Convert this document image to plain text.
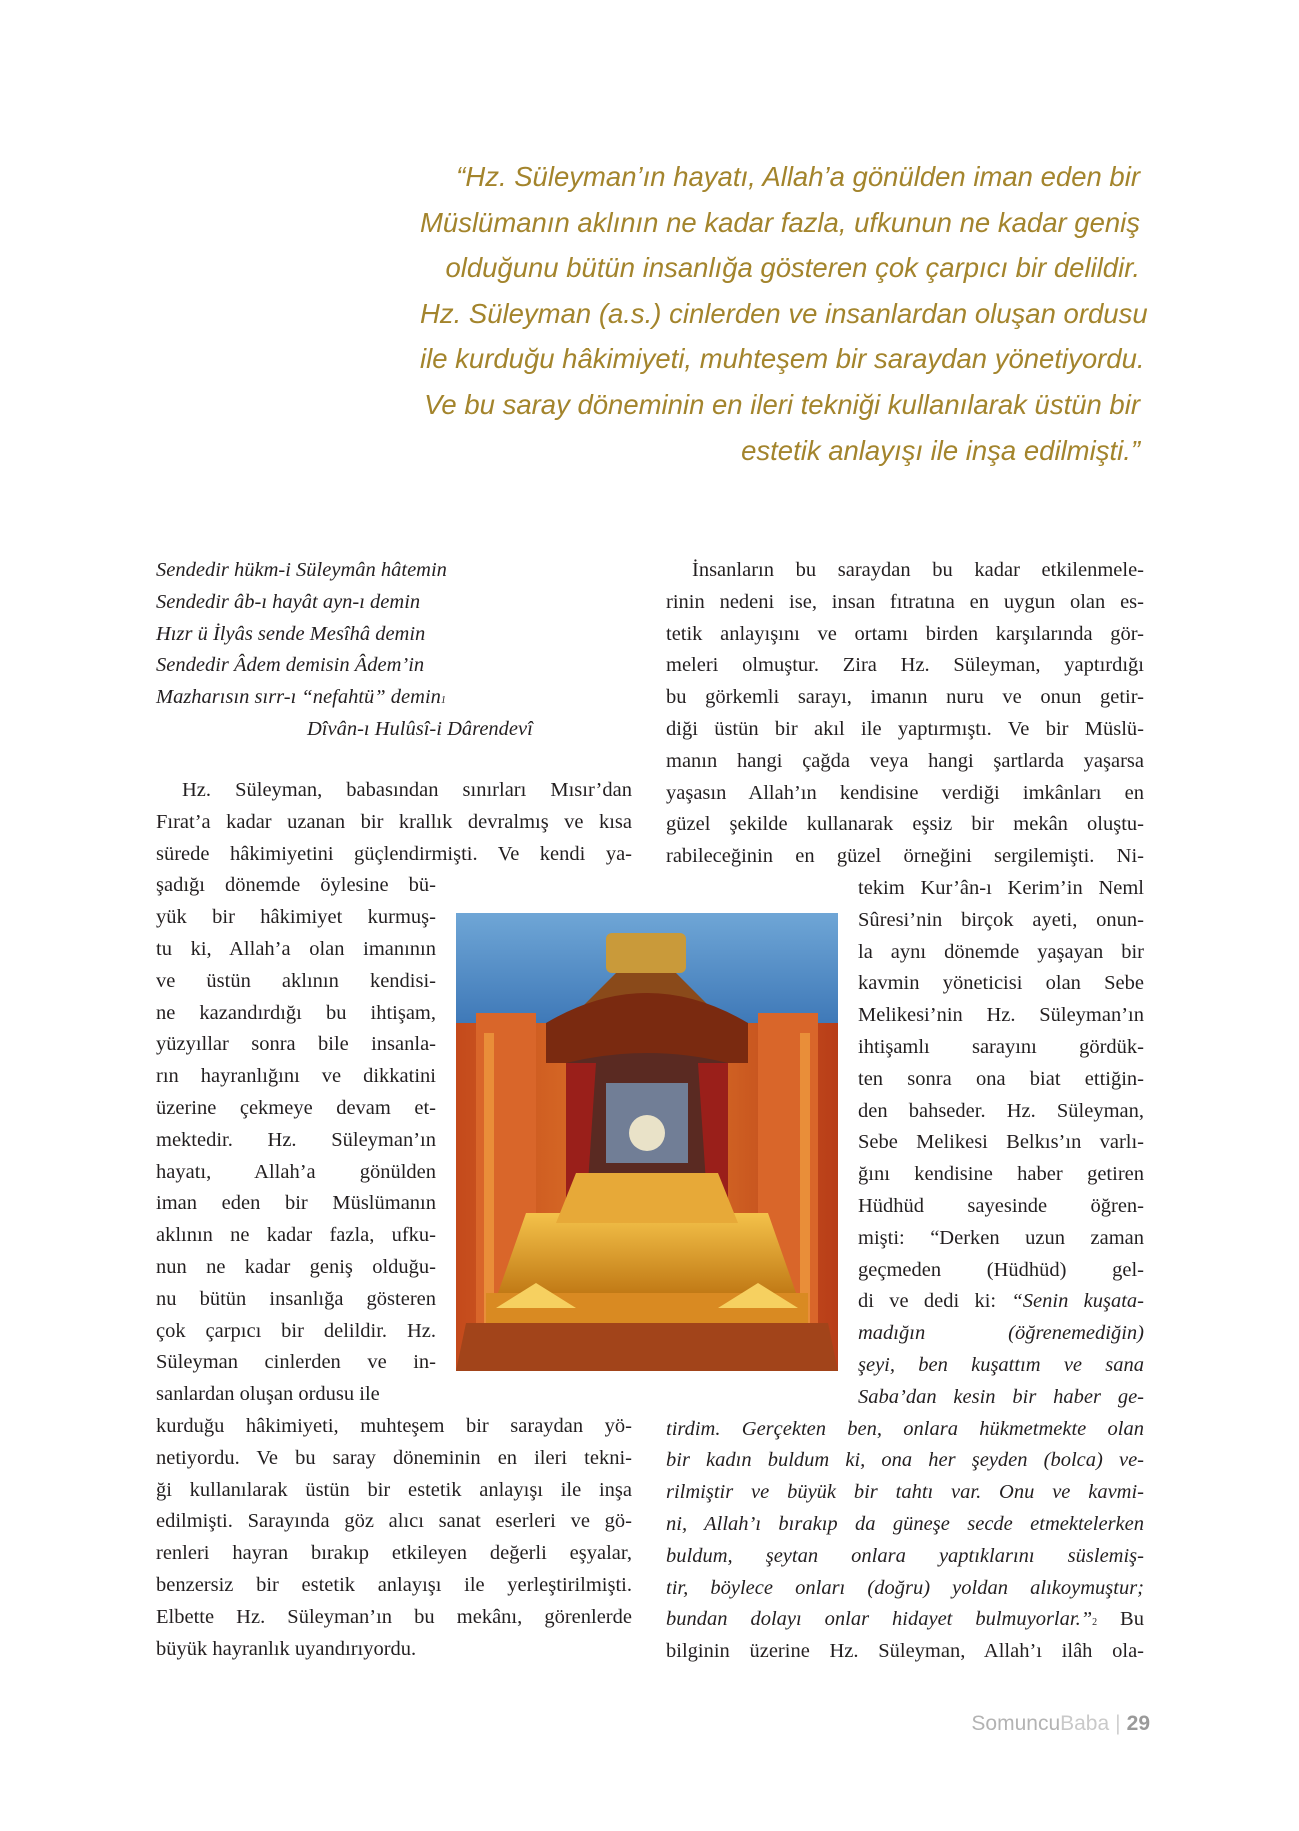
“Hz. Süleyman’ın hayatı, Allah’a gönülden iman eden bir
Müslümanın aklının ne kadar fazla, ufkunun ne kadar geniş
olduğunu bütün insanlığa gösteren çok çarpıcı bir delildir.
Hz. Süleyman (a.s.) cinlerden ve insanlardan oluşan ordusu
ile kurduğu hâkimiyeti, muhteşem bir saraydan yönetiyordu.
Ve bu saray döneminin en ileri tekniği kullanılarak üstün bir
estetik anlayışı ile inşa edilmişti.”
Sendedir hükm-i Süleymân hâtemin
Sendedir âb-ı hayât ayn-ı demin
Hızr ü İlyâs sende Mesîhâ demin
Sendedir Âdem demisin Âdem’in
Mazharısın sırr-ı “nefahtü” demin$^1$
Dîvân-ı Hulûsî-i Dârendevî
Hz. Süleyman, babasından sınırları Mısır’dan
Fırat’a kadar uzanan bir krallık devralmış ve kısa
sürede hâkimiyetini güçlendirmişti. Ve kendi ya-
şadığı dönemde öylesine bü-
yük bir hâkimiyet kurmuş-
tu ki, Allah’a olan imanının
ve üstün aklının kendisi-
ne kazandırdığı bu ihtişam,
yüzyıllar sonra bile insanla-
rın hayranlığını ve dikkatini
üzerine çekmeye devam et-
mektedir. Hz. Süleyman’ın
hayatı, Allah’a gönülden
iman eden bir Müslümanın
aklının ne kadar fazla, ufku-
nun ne kadar geniş olduğu-
nu bütün insanlığa gösteren
çok çarpıcı bir delildir. Hz.
Süleyman cinlerden ve in-
sanlardan oluşan ordusu ile
kurduğu hâkimiyeti, muhteşem bir saraydan yö-
netiyordu. Ve bu saray döneminin en ileri tekni-
ği kullanılarak üstün bir estetik anlayışı ile inşa
edilmişti. Sarayında göz alıcı sanat eserleri ve gö-
renleri hayran bırakıp etkileyen değerli eşyalar,
benzersiz bir estetik anlayışı ile yerleştirilmişti.
Elbette Hz. Süleyman’ın bu mekânı, görenlerde
büyük hayranlık uyandırıyordu.
İnsanların bu saraydan bu kadar etkilenmele-
rinin nedeni ise, insan fıtratına en uygun olan es-
tetik anlayışını ve ortamı birden karşılarında gör-
meleri olmuştur. Zira Hz. Süleyman, yaptırdığı
bu görkemli sarayı, imanın nuru ve onun getir-
diği üstün bir akıl ile yaptırmıştı. Ve bir Müslü-
manın hangi çağda veya hangi şartlarda yaşarsa
yaşasın Allah’ın kendisine verdiği imkânları en
güzel şekilde kullanarak eşsiz bir mekân oluştu-
rabileceğinin en güzel örneğini sergilemişti. Ni-
tekim Kur’ân-ı Kerim’in Neml
Sûresi’nin birçok ayeti, onun-
la aynı dönemde yaşayan bir
kavmin yöneticisi olan Sebe
Melikesi’nin Hz. Süleyman’ın
ihtişamlı sarayını gördük-
ten sonra ona biat ettiğin-
den bahseder. Hz. Süleyman,
Sebe Melikesi Belkıs’ın varlı-
ğını kendisine haber getiren
Hüdhüd sayesinde öğren-
mişti: “Derken uzun zaman
geçmeden (Hüdhüd) gel-
di ve dedi ki: “Senin kuşata-
madığın (öğrenemediğin)
şeyi, ben kuşattım ve sana
Saba’dan kesin bir haber ge-
tirdim. Gerçekten ben, onlara hükmetmekte olan
bir kadın buldum ki, ona her şeyden (bolca) ve-
rilmiştir ve büyük bir tahtı var. Onu ve kavmi-
ni, Allah’ı bırakıp da güneşe secde etmektelerken
buldum, şeytan onlara yaptıklarını süslemiş-
tir, böylece onları (doğru) yoldan alıkoymuştur;
bundan dolayı onlar hidayet bulmuyorlar.”$^2$ Bu
bilginin üzerine Hz. Süleyman, Allah’ı ilâh ola-
SomuncuBaba | 29
